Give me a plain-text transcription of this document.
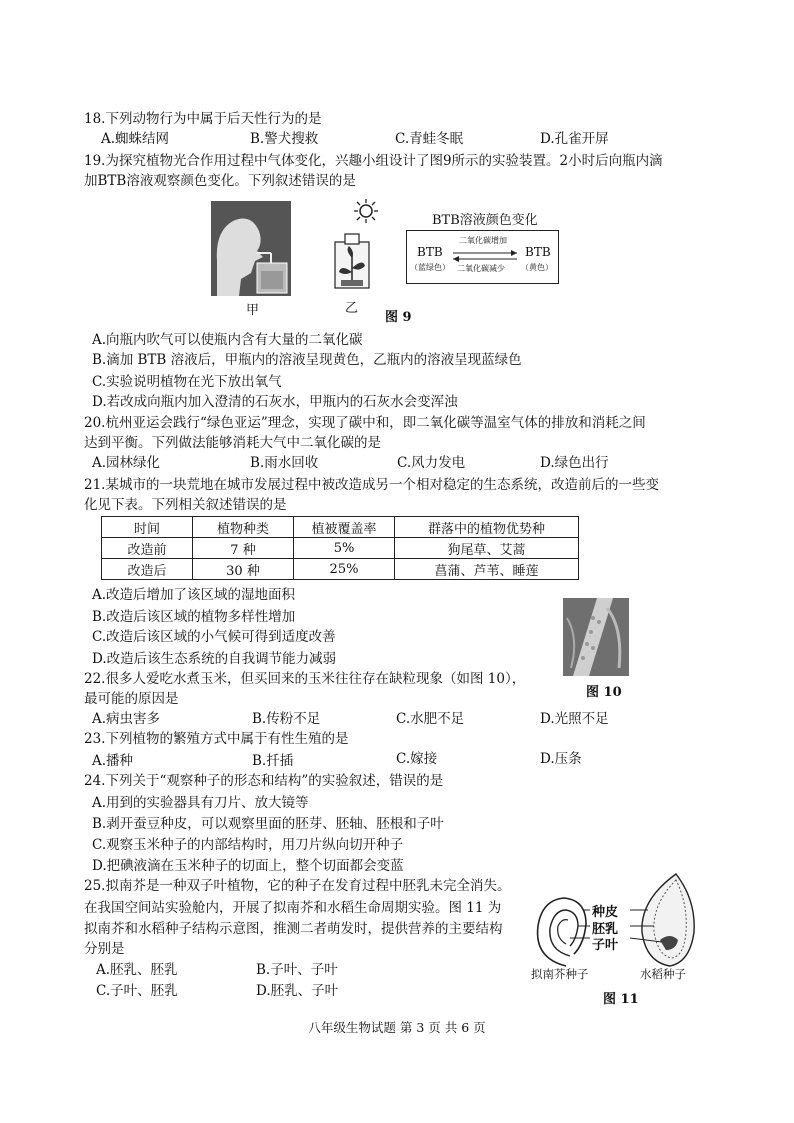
18.下列动物行为中属于后天性行为的是
A.蜘蛛结网	B.警犬搜救	C.青蛙冬眠	D.孔雀开屏
19.为探究植物光合作用过程中气体变化，兴趣小组设计了图9所示的实验装置。2小时后向瓶内滴
加BTB溶液观察颜色变化。下列叙述错误的是
甲	乙
图 9
BTB溶液颜色变化
BTB
（蓝绿色）
BTB
（黄色）
二氧化碳增加
二氧化碳减少
A.向瓶内吹气可以使瓶内含有大量的二氧化碳
B.滴加 BTB 溶液后，甲瓶内的溶液呈现黄色，乙瓶内的溶液呈现蓝绿色
C.实验说明植物在光下放出氧气
D.若改成向瓶内加入澄清的石灰水，甲瓶内的石灰水会变浑浊
20.杭州亚运会践行“绿色亚运”理念，实现了碳中和，即二氧化碳等温室气体的排放和消耗之间
达到平衡。下列做法能够消耗大气中二氧化碳的是
A.园林绿化	B.雨水回收	C.风力发电	D.绿色出行
21.某城市的一块荒地在城市发展过程中被改造成另一个相对稳定的生态系统，改造前后的一些变
化见下表。下列相关叙述错误的是
时间	植物种类	植被覆盖率	群落中的植物优势种
改造前	7 种	5%	狗尾草、艾蒿
改造后	30 种	25%	菖蒲、芦苇、睡莲
A.改造后增加了该区域的湿地面积
B.改造后该区域的植物多样性增加
C.改造后该区域的小气候可得到适度改善
D.改造后该生态系统的自我调节能力减弱
图 10
22.很多人爱吃水煮玉米，但买回来的玉米往往存在缺粒现象（如图 10），
最可能的原因是
A.病虫害多	B.传粉不足	C.水肥不足	D.光照不足
23.下列植物的繁殖方式中属于有性生殖的是
A.播种	B.扦插	C.嫁接	D.压条
24.下列关于“观察种子的形态和结构”的实验叙述，错误的是
A.用到的实验器具有刀片、放大镜等
B.剥开蚕豆种皮，可以观察里面的胚芽、胚轴、胚根和子叶
C.观察玉米种子的内部结构时，用刀片纵向切开种子
D.把碘液滴在玉米种子的切面上，整个切面都会变蓝
25.拟南芥是一种双子叶植物，它的种子在发育过程中胚乳未完全消失。
在我国空间站实验舱内，开展了拟南芥和水稻生命周期实验。图 11 为
拟南芥和水稻种子结构示意图，推测二者萌发时，提供营养的主要结构
分别是
A.胚乳、胚乳	B.子叶、子叶
C.子叶、胚乳	D.胚乳、子叶
种皮
胚乳
子叶
拟南芥种子	水稻种子
图 11
八年级生物试题 第 3 页 共 6 页
